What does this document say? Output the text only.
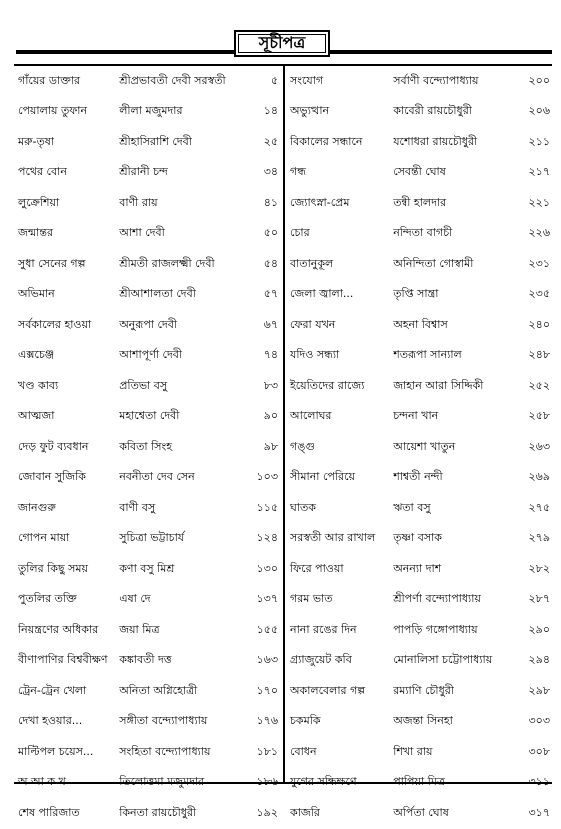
সূচীপত্র
গাঁয়ের ডাক্তার	শ্রীপ্রভাবতী দেবী সরস্বতী	৫
পেয়ালায় তুফান	লীলা মজুমদার	১৪
মরু-তৃষা	শ্রীহাসিরাশি দেবী	২৫
পথের বোন	শ্রীরানী চন্দ	৩৪
লুক্রেশিয়া	বাণী রায়	৪১
জন্মান্তর	আশা দেবী	৫০
সুধা সেনের গল্প	শ্রীমতী রাজলক্ষ্মী দেবী	৫৪
অভিমান	শ্রীআশালতা দেবী	৫৭
সর্বকালের হাওয়া	অনুরূপা দেবী	৬৭
এক্সচেঞ্জ	আশাপূর্ণা দেবী	৭৪
খণ্ড কাব্য	প্রতিভা বসু	৮৩
আত্মজা	মহাশ্বেতা দেবী	৯০
দেড় ফুট ব্যবধান	কবিতা সিংহ	৯৮
জোবান সুজিকি	নবনীতা দেব সেন	১০৩
জানগুরু	বাণী বসু	১১৫
গোপন মায়া	সুচিত্রা ভট্টাচার্য	১২৪
তুলির কিছু সময়	কণা বসু মিশ্র	১৩০
পুতলির তক্তি	এষা দে	১৩৭
নিয়ন্ত্রণের অধিকার	জয়া মিত্র	১৫৫
বীণাপাণির বিশ্ববীক্ষণ	কঙ্কাবতী দত্ত	১৬৩
ট্রেন-ট্রেন খেলা	অনিতা অগ্নিহোত্রী	১৭০
দেখা হওয়ার...	সঙ্গীতা বন্দ্যোপাধ্যায়	১৭৬
মাল্টিপল চয়েস...	সংহিতা বন্দ্যোপাধ্যায়	১৮১
অ আ ক খ	তিলোত্তমা মজুমদার	১৮৬
শেষ পারিজাত	কিনতা রায়চৌধুরী	১৯২
সংযোগ	সর্বাণী বন্দ্যোপাধ্যায়	২০০
অভ্যুত্থান	কাবেরী রায়চৌধুরী	২০৬
বিকালের সন্ধানে	যশোধরা রায়চৌধুরী	২১১
গন্ধ	সেবন্তী ঘোষ	২১৭
জ্যোৎস্না-প্রেম	তন্বী হালদার	২২১
চোর	নন্দিতা বাগচী	২২৬
বাতানুকূল	অনিন্দিতা গোস্বামী	২৩১
জেলা জ্বালা...	তৃপ্তি সান্ত্রা	২৩৫
ফেরা যখন	অহনা বিশ্বাস	২৪০
যদিও সন্ধ্যা	শতরূপা সান্যাল	২৪৮
ইয়েতিদের রাজ্যে	জাহান আরা সিদ্দিকী	২৫২
আলোঘর	চন্দনা খান	২৫৮
গঙ্গু	আয়েশা খাতুন	২৬৩
সীমানা পেরিয়ে	শাশ্বতী নন্দী	২৬৯
ঘাতক	ঋতা বসু	২৭৫
সরস্বতী আর রাখাল	তৃষ্ণা বসাক	২৭৯
ফিরে পাওয়া	অনন্যা দাশ	২৮২
গরম ভাত	শ্রীপর্ণা বন্দ্যোপাধ্যায়	২৮৭
নানা রঙের দিন	পাপড়ি গঙ্গোপাধ্যায়	২৯০
গ্র্যাজুয়েট কবি	মোনালিসা চট্টোপাধ্যায়	২৯৪
অকালবেলার গল্প	রম্যাণি চৌধুরী	২৯৮
চকমকি	অজন্তা সিনহা	৩০৩
বোধন	শিখা রায়	৩০৮
যুগের সন্ধিক্ষণে	পাপিয়া মিত্র	৩১১
কাজরি	অর্পিতা ঘোষ	৩১৭
